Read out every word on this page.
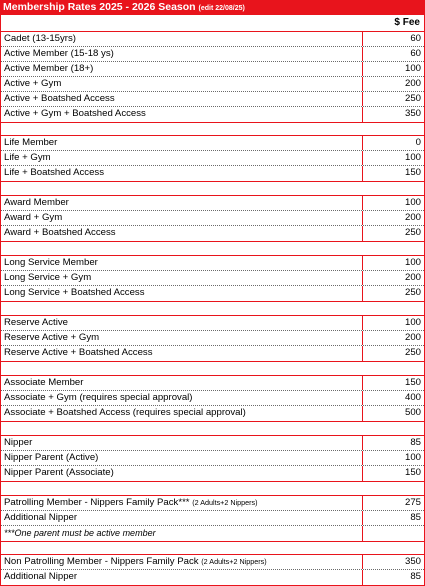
Membership Rates 2025 - 2026 Season (edit 22/08/25)
$ Fee
Cadet (13-15yrs)	60
Active Member (15-18 ys)	60
Active Member (18+)	100
Active + Gym	200
Active + Boatshed Access	250
Active + Gym + Boatshed Access	350
Life Member	0
Life + Gym	100
Life + Boatshed Access	150
Award Member	100
Award + Gym	200
Award + Boatshed Access	250
Long Service Member	100
Long Service + Gym	200
Long Service + Boatshed Access	250
Reserve Active	100
Reserve Active + Gym	200
Reserve Active + Boatshed Access	250
Associate Member	150
Associate + Gym (requires special approval)	400
Associate + Boatshed Access (requires special approval)	500
Nipper	85
Nipper Parent (Active)	100
Nipper Parent (Associate)	150
Patrolling Member - Nippers Family Pack*** (2 Adults+2 Nippers)	275
Additional Nipper	85
***One parent must be active member
Non Patrolling Member - Nippers Family Pack (2 Adults+2 Nippers)	350
Additional Nipper	85
